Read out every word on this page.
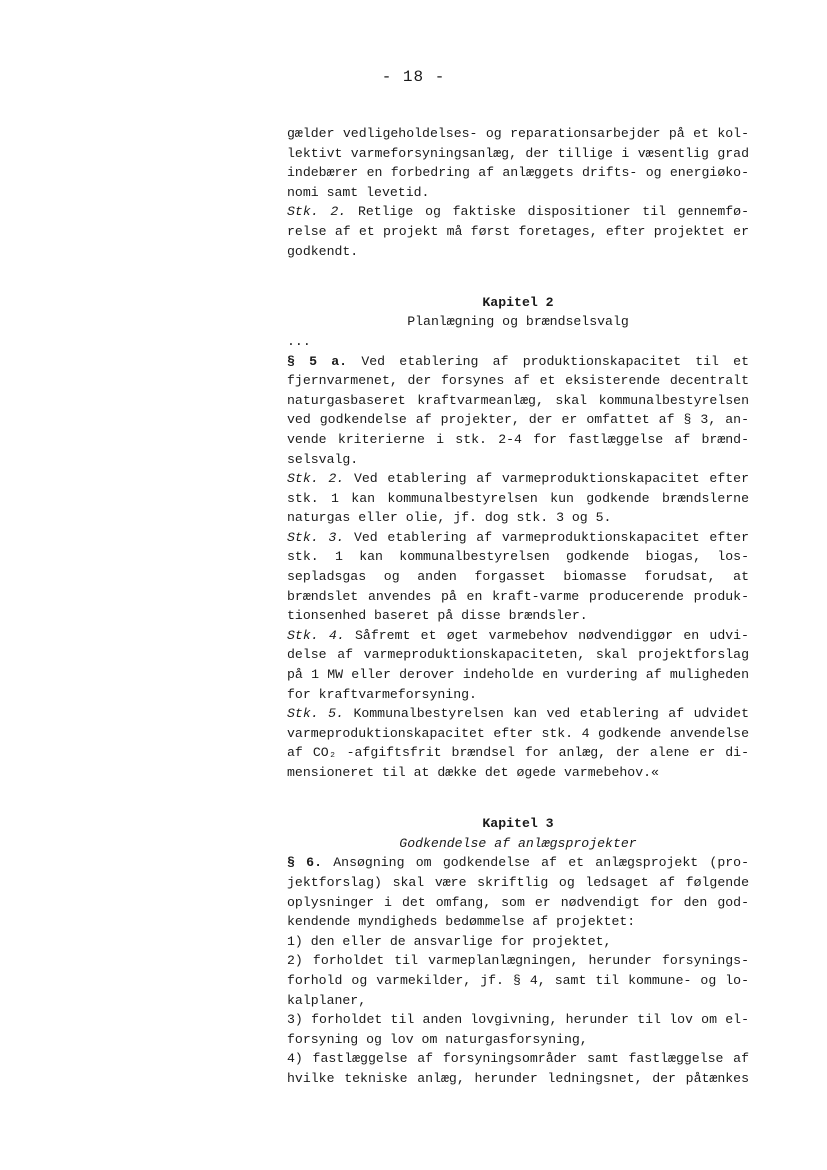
- 18 -
gælder vedligeholdelses- og reparationsarbejder på et kol-
lektivt varmeforsyningsanlæg, der tillige i væsentlig grad
indebærer en forbedring af anlæggets drifts- og energiøko-
nomi samt levetid.
Stk. 2. Retlige og faktiske dispositioner til gennemfø-
relse af et projekt må først foretages, efter projektet er
godkendt.
Kapitel 2
Planlægning og brændselsvalg
...
§ 5 a. Ved etablering af produktionskapacitet til et
fjernvarmenet, der forsynes af et eksisterende decentralt
naturgasbaseret kraftvarmeanlæg, skal kommunalbestyrelsen
ved godkendelse af projekter, der er omfattet af § 3, an-
vende kriterierne i stk. 2-4 for fastlæggelse af brænd-
selsvalg.
Stk. 2. Ved etablering af varmeproduktionskapacitet efter
stk. 1 kan kommunalbestyrelsen kun godkende brændslerne
naturgas eller olie, jf. dog stk. 3 og 5.
Stk. 3. Ved etablering af varmeproduktionskapacitet efter
stk. 1 kan kommunalbestyrelsen godkende biogas, los-
sepladsgas og anden forgasset biomasse forudsat, at
brændslet anvendes på en kraft-varme producerende produk-
tionsenhed baseret på disse brændsler.
Stk. 4. Såfremt et øget varmebehov nødvendiggør en udvi-
delse af varmeproduktionskapaciteten, skal projektforslag
på 1 MW eller derover indeholde en vurdering af muligheden
for kraftvarmeforsyning.
Stk. 5. Kommunalbestyrelsen kan ved etablering af udvidet
varmeproduktionskapacitet efter stk. 4 godkende anvendelse
af CO₂ -afgiftsfrit brændsel for anlæg, der alene er di-
mensioneret til at dække det øgede varmebehov.«
Kapitel 3
Godkendelse af anlægsprojekter
§ 6. Ansøgning om godkendelse af et anlægsprojekt (pro-
jektforslag) skal være skriftlig og ledsaget af følgende
oplysninger i det omfang, som er nødvendigt for den god-
kendende myndigheds bedømmelse af projektet:
1) den eller de ansvarlige for projektet,
2) forholdet til varmeplanlægningen, herunder forsynings-
forhold og varmekilder, jf. § 4, samt til kommune- og lo-
kalplaner,
3) forholdet til anden lovgivning, herunder til lov om el-
forsyning og lov om naturgasforsyning,
4) fastlæggelse af forsyningsområder samt fastlæggelse af
hvilke tekniske anlæg, herunder ledningsnet, der påtænkes
